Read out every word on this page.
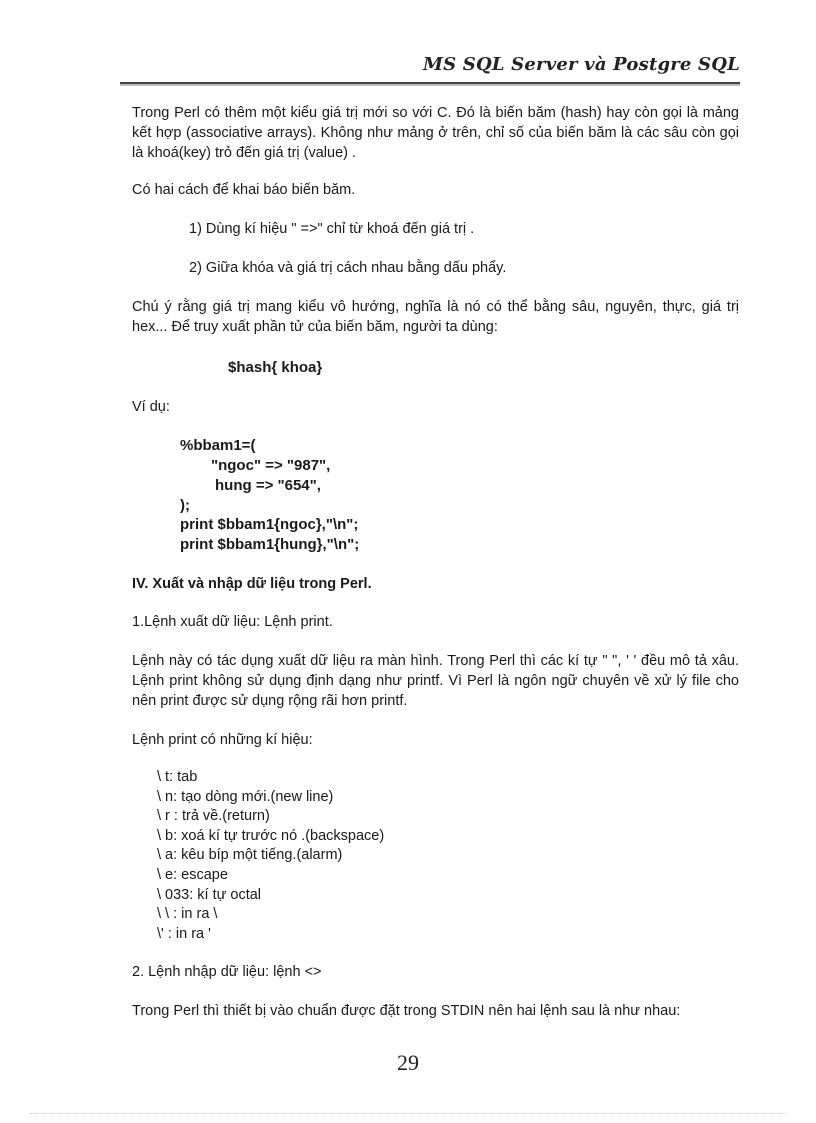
MS SQL Server và Postgre SQL
Trong Perl có thêm một kiểu giá trị mới so với C. Đó là biến băm (hash) hay còn gọi là mảng kết hợp (associative arrays). Không như mảng ở trên, chỉ số của biến băm là các sâu còn gọi là khoá(key) trỏ đến giá trị (value) .
Có hai cách để khai báo biến băm.
1) Dùng kí hiệu " =>" chỉ từ khoá đến giá trị .
2) Giữa khóa và giá trị cách nhau bằng dấu phẩy.
Chú ý rằng giá trị mang kiểu vô hướng, nghĩa là nó có thể bằng sâu, nguyên, thực, giá trị hex... Để truy xuất phần tử của biến băm, người ta dùng:
$hash{ khoa}
Ví dụ:
%bbam1=(
"ngoc" => "987",
hung => "654",
);
print $bbam1{ngoc},"\n";
print $bbam1{hung},"\n";
IV. Xuất và nhập dữ liệu trong Perl.
1.Lệnh xuất dữ liệu: Lệnh print.
Lệnh này có tác dụng xuất dữ liệu ra màn hình. Trong Perl thì các kí tự " ", ' ' đều mô tả xâu. Lệnh print không sử dụng định dạng như printf. Vì Perl là ngôn ngữ chuyên về xử lý file cho nên print được sử dụng rộng rãi hơn printf.
Lệnh print có những kí hiệu:
\ t: tab
\ n: tạo dòng mới.(new line)
\ r : trả về.(return)
\ b: xoá kí tự trước nó .(backspace)
\ a: kêu bíp một tiếng.(alarm)
\ e: escape
\ 033: kí tự octal
\ \ : in ra \
\' : in ra '
2. Lệnh nhập dữ liệu: lệnh <>
Trong Perl thì thiết bị vào chuẩn được đặt trong STDIN nên hai lệnh sau là như nhau:
29
